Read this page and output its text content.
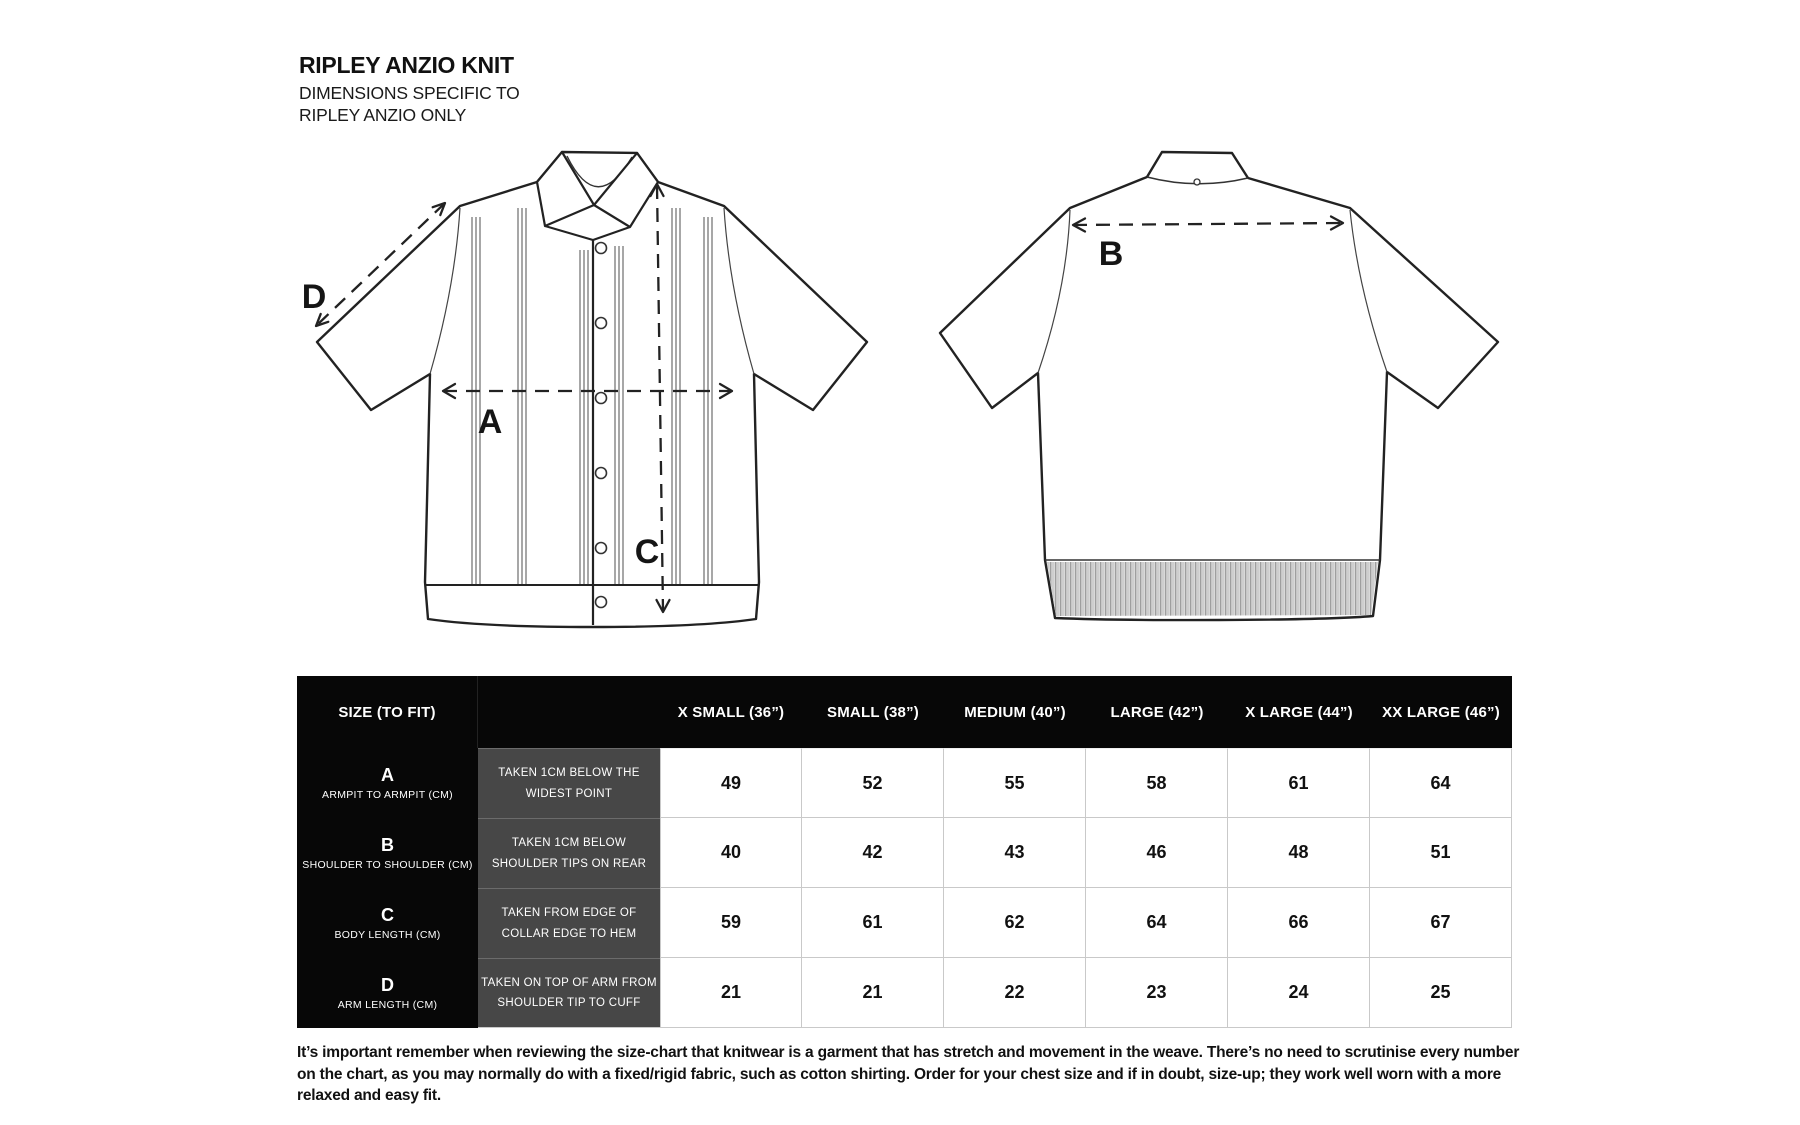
RIPLEY ANZIO KNIT

DIMENSIONS SPECIFIC TO

RIPLEY ANZIO ONLY

D
A
C
B
SIZE (TO FIT)		X SMALL (36”)	SMALL (38”)	MEDIUM (40”)	LARGE (42”)	X LARGE (44”)	XX LARGE (46”)

A
ARMPIT TO ARMPIT (CM)	TAKEN 1CM BELOW THE WIDEST POINT	49	52	55	58	61	64

B
SHOULDER TO SHOULDER (CM)	TAKEN 1CM BELOW SHOULDER TIPS ON REAR	40	42	43	46	48	51

C
BODY LENGTH (CM)	TAKEN FROM EDGE OF COLLAR EDGE TO HEM	59	61	62	64	66	67

D
ARM LENGTH (CM)	TAKEN ON TOP OF ARM FROM SHOULDER TIP TO CUFF	21	21	22	23	24	25

It’s important remember when reviewing the size-chart that knitwear is a garment that has stretch and movement in the weave. There’s no need to scrutinise every number on the chart, as you may normally do with a fixed/rigid fabric, such as cotton shirting. Order for your chest size and if in doubt, size-up; they work well worn with a more relaxed and easy fit.
